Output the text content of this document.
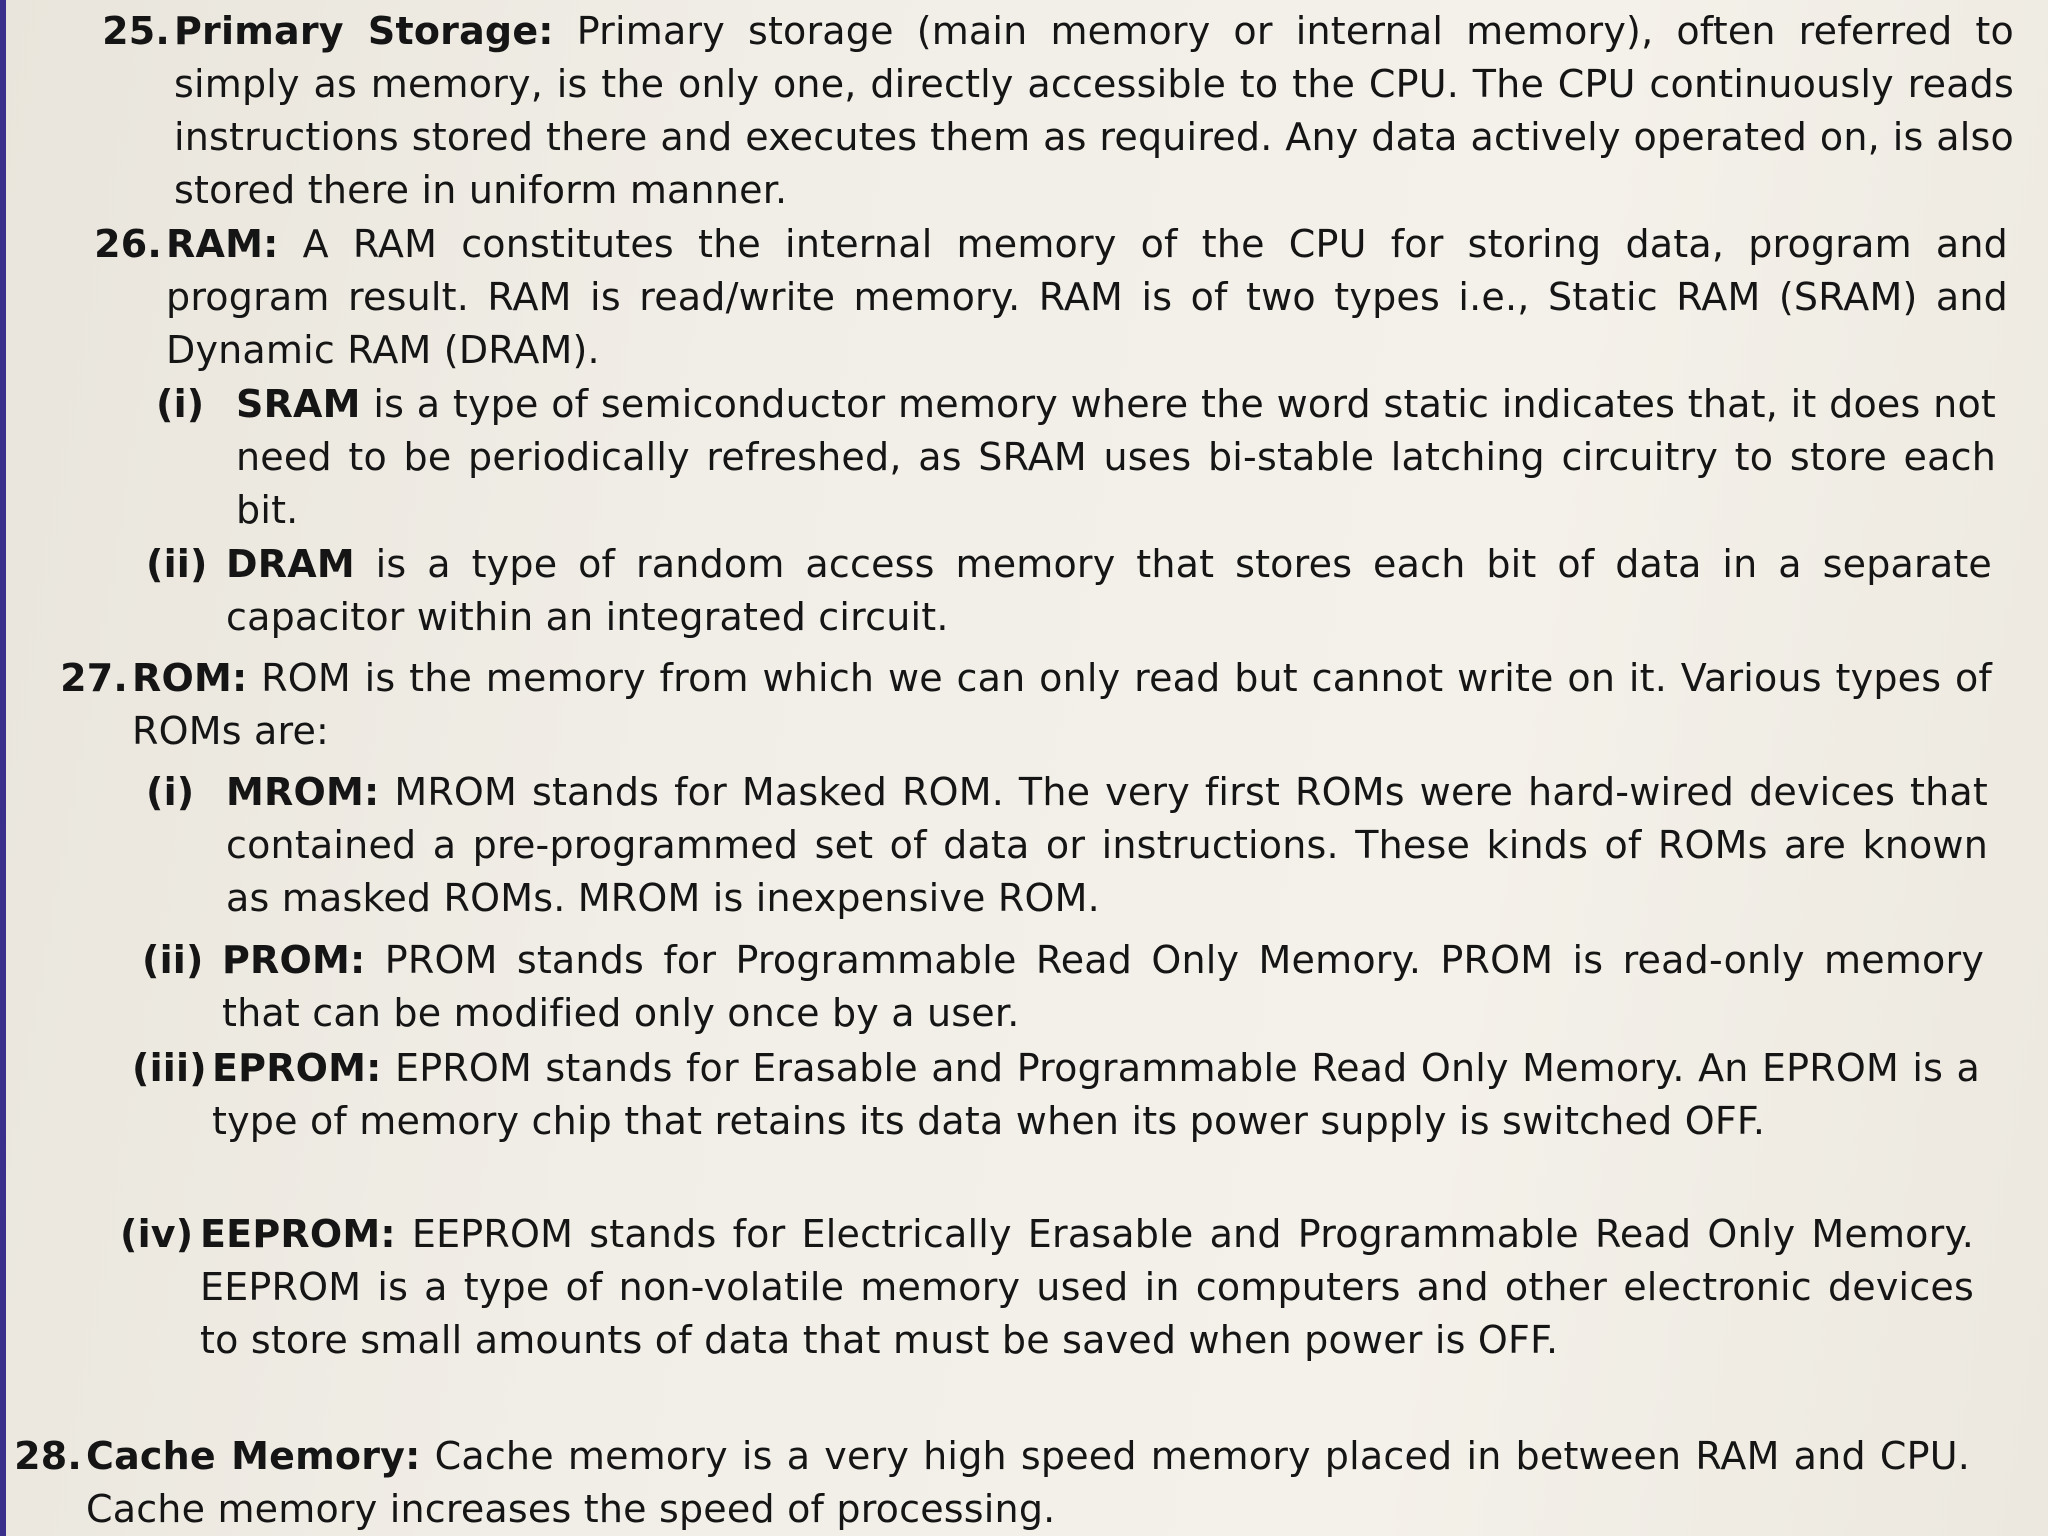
25. Primary Storage: Primary storage (main memory or internal memory), often referred to simply as memory, is the only one, directly accessible to the CPU. The CPU continuously reads instructions stored there and executes them as required. Any data actively operated on, is also stored there in uniform manner.

26. RAM: A RAM constitutes the internal memory of the CPU for storing data, program and program result. RAM is read/write memory. RAM is of two types i.e., Static RAM (SRAM) and Dynamic RAM (DRAM).

(i) SRAM is a type of semiconductor memory where the word static indicates that, it does not need to be periodically refreshed, as SRAM uses bi-stable latching circuitry to store each bit.

(ii) DRAM is a type of random access memory that stores each bit of data in a separate capacitor within an integrated circuit.

27. ROM: ROM is the memory from which we can only read but cannot write on it. Various types of ROMs are:

(i) MROM: MROM stands for Masked ROM. The very first ROMs were hard-wired devices that contained a pre-programmed set of data or instructions. These kinds of ROMs are known as masked ROMs. MROM is inexpensive ROM.

(ii) PROM: PROM stands for Programmable Read Only Memory. PROM is read-only memory that can be modified only once by a user.

(iii) EPROM: EPROM stands for Erasable and Programmable Read Only Memory. An EPROM is a type of memory chip that retains its data when its power supply is switched OFF.

(iv) EEPROM: EEPROM stands for Electrically Erasable and Programmable Read Only Memory. EEPROM is a type of non-volatile memory used in computers and other electronic devices to store small amounts of data that must be saved when power is OFF.

28. Cache Memory: Cache memory is a very high speed memory placed in between RAM and CPU. Cache memory increases the speed of processing.
